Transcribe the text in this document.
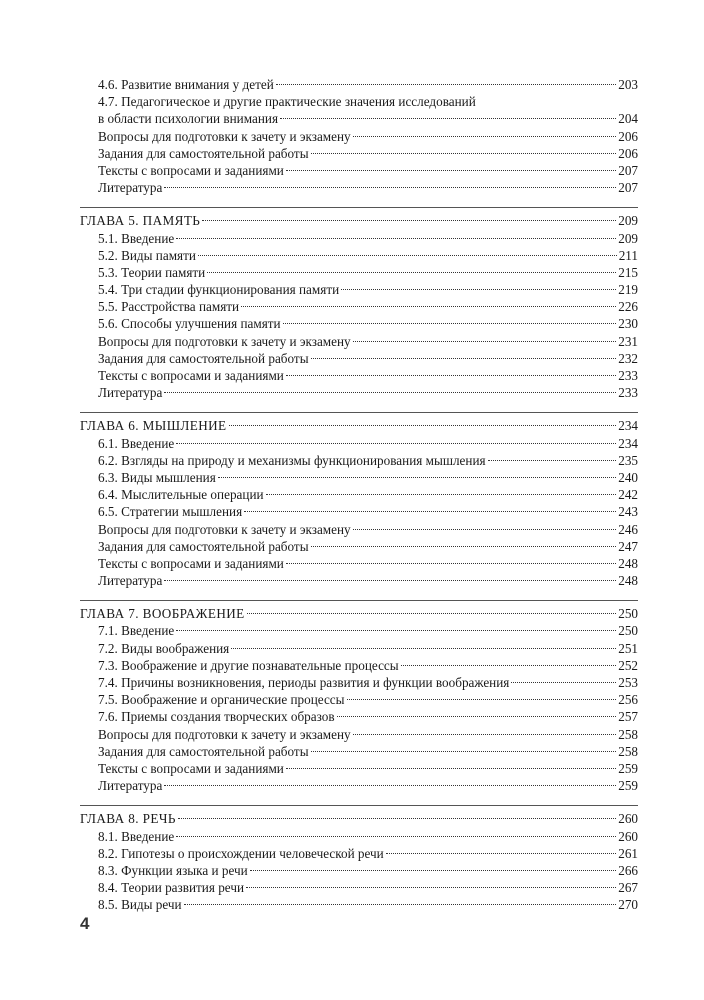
4.6. Развитие внимания у детей	203
4.7. Педагогическое и другие практические значения исследований
в области психологии внимания	204
Вопросы для подготовки к зачету и экзамену	206
Задания для самостоятельной работы	206
Тексты с вопросами и заданиями	207
Литература	207
ГЛАВА 5. ПАМЯТЬ	209
5.1. Введение	209
5.2. Виды памяти	211
5.3. Теории памяти	215
5.4. Три стадии функционирования памяти	219
5.5. Расстройства памяти	226
5.6. Способы улучшения памяти	230
Вопросы для подготовки к зачету и экзамену	231
Задания для самостоятельной работы	232
Тексты с вопросами и заданиями	233
Литература	233
ГЛАВА 6. МЫШЛЕНИЕ	234
6.1. Введение	234
6.2. Взгляды на природу и механизмы функционирования мышления	235
6.3. Виды мышления	240
6.4. Мыслительные операции	242
6.5. Стратегии мышления	243
Вопросы для подготовки к зачету и экзамену	246
Задания для самостоятельной работы	247
Тексты с вопросами и заданиями	248
Литература	248
ГЛАВА 7. ВООБРАЖЕНИЕ	250
7.1. Введение	250
7.2. Виды воображения	251
7.3. Воображение и другие познавательные процессы	252
7.4. Причины возникновения, периоды развития и функции воображения	253
7.5. Воображение и органические процессы	256
7.6. Приемы создания творческих образов	257
Вопросы для подготовки к зачету и экзамену	258
Задания для самостоятельной работы	258
Тексты с вопросами и заданиями	259
Литература	259
ГЛАВА 8. РЕЧЬ	260
8.1. Введение	260
8.2. Гипотезы о происхождении человеческой речи	261
8.3. Функции языка и речи	266
8.4. Теории развития речи	267
8.5. Виды речи	270
4
